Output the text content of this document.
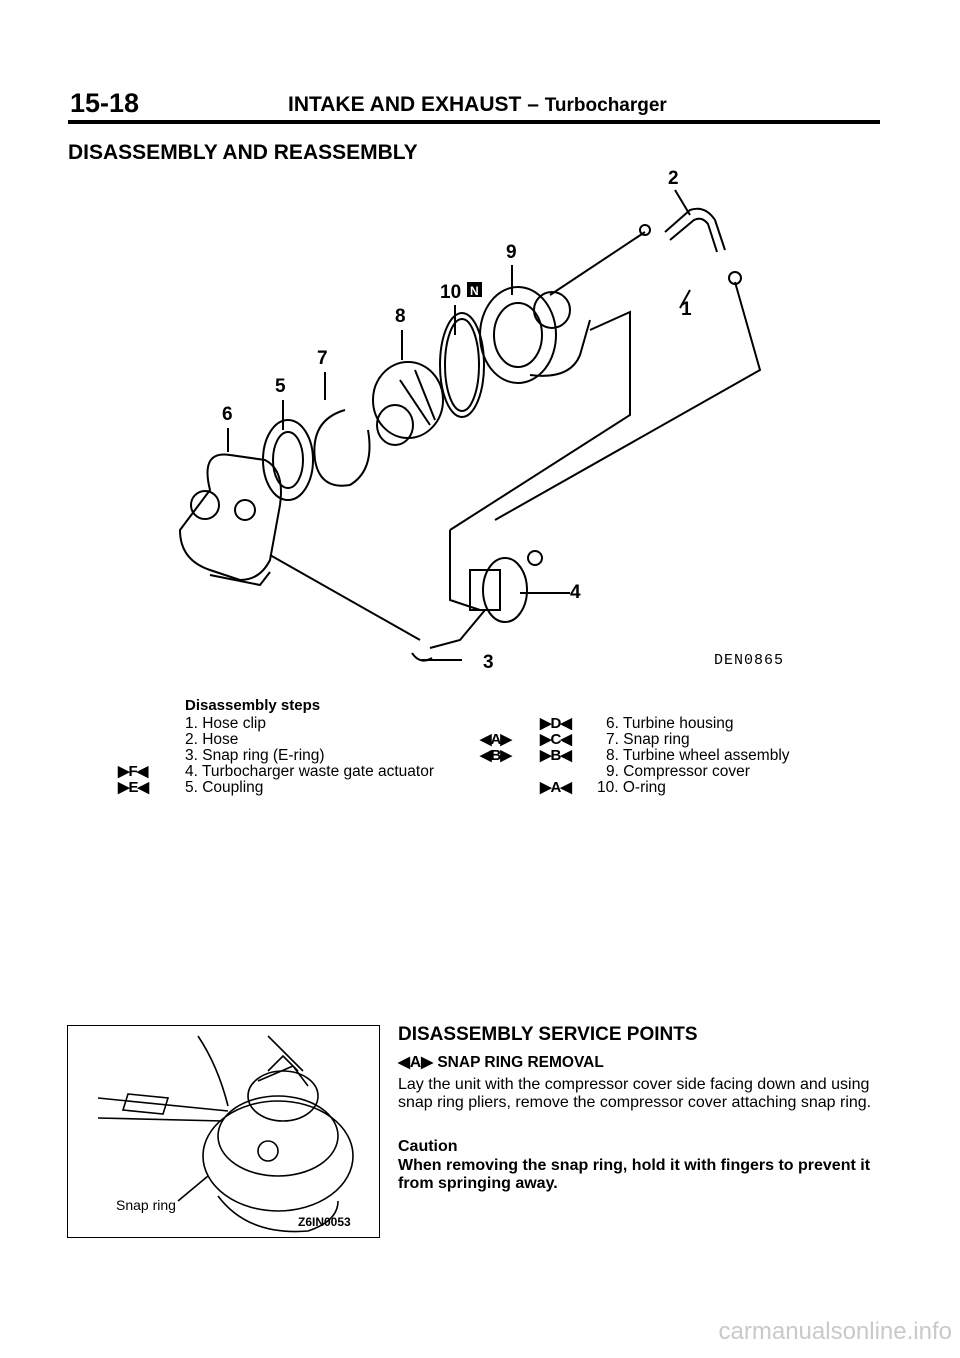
15-18	INTAKE AND EXHAUST – Turbocharger
DISASSEMBLY AND REASSEMBLY
1
2
3
4
5
6
7
8
9
10 N
DEN0865
Disassembly steps
1. Hose clip
2. Hose
3. Snap ring (E-ring)
4. Turbocharger waste gate actuator
5. Coupling
▶F◀
▶E◀
◀A▶
◀B▶
▶D◀
▶C◀
▶B◀

▶A◀
6. Turbine housing
7. Snap ring
8. Turbine wheel assembly
9. Compressor cover
10. O-ring
Snap ring
Z6IN0053
DISASSEMBLY SERVICE POINTS
◀A▶ SNAP RING REMOVAL
Lay the unit with the compressor cover side facing down and using snap ring pliers, remove the compressor cover attaching snap ring.
Caution
When removing the snap ring, hold it with fingers to prevent it from springing away.
carmanualsonline.info
